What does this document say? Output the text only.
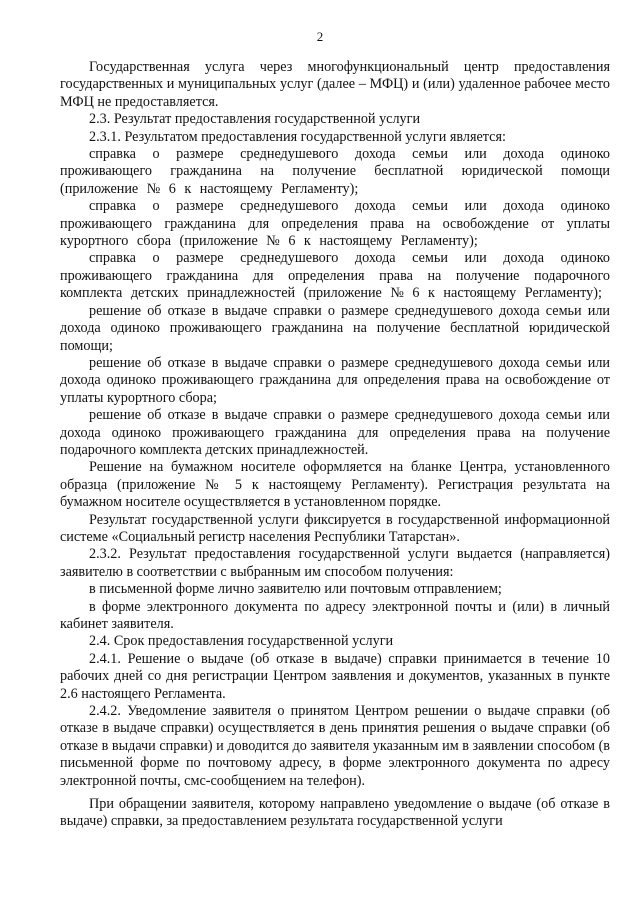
2

Государственная услуга через многофункциональный центр предоставления государственных и муниципальных услуг (далее – МФЦ) и (или) удаленное рабочее место МФЦ не предоставляется.

2.3. Результат предоставления государственной услуги

2.3.1. Результатом предоставления государственной услуги является:

справка о размере среднедушевого дохода семьи или дохода одиноко проживающего гражданина на получение бесплатной юридической помощи (приложение № 6 к настоящему Регламенту);

справка о размере среднедушевого дохода семьи или дохода одиноко проживающего гражданина для определения права на освобождение от уплаты курортного сбора (приложение № 6 к настоящему Регламенту);

справка о размере среднедушевого дохода семьи или дохода одиноко проживающего гражданина для определения права на получение подарочного комплекта детских принадлежностей (приложение № 6 к настоящему Регламенту);

решение об отказе в выдаче справки о размере среднедушевого дохода семьи или дохода одиноко проживающего гражданина на получение бесплатной юридической помощи;

решение об отказе в выдаче справки о размере среднедушевого дохода семьи или дохода одиноко проживающего гражданина для определения права на освобождение от уплаты курортного сбора;

решение об отказе в выдаче справки о размере среднедушевого дохода семьи или дохода одиноко проживающего гражданина для определения права на получение подарочного комплекта детских принадлежностей.

Решение на бумажном носителе оформляется на бланке Центра, установленного образца (приложение № 5 к настоящему Регламенту). Регистрация результата на бумажном носителе осуществляется в установленном порядке.

Результат государственной услуги фиксируется в государственной информационной системе «Социальный регистр населения Республики Татарстан».

2.3.2. Результат предоставления государственной услуги выдается (направляется) заявителю в соответствии с выбранным им способом получения:

в письменной форме лично заявителю или почтовым отправлением;

в форме электронного документа по адресу электронной почты и (или) в личный кабинет заявителя.

2.4. Срок предоставления государственной услуги

2.4.1. Решение о выдаче (об отказе в выдаче) справки принимается в течение 10 рабочих дней со дня регистрации Центром заявления и документов, указанных в пункте 2.6 настоящего Регламента.

2.4.2. Уведомление заявителя о принятом Центром решении о выдаче справки (об отказе в выдаче справки) осуществляется в день принятия решения о выдаче справки (об отказе в выдачи справки) и доводится до заявителя указанным им в заявлении способом (в письменной форме по почтовому адресу, в форме электронного документа по адресу электронной почты, смс-сообщением на телефон).

При обращении заявителя, которому направлено уведомление о выдаче (об отказе в выдаче) справки, за предоставлением результата государственной услуги
